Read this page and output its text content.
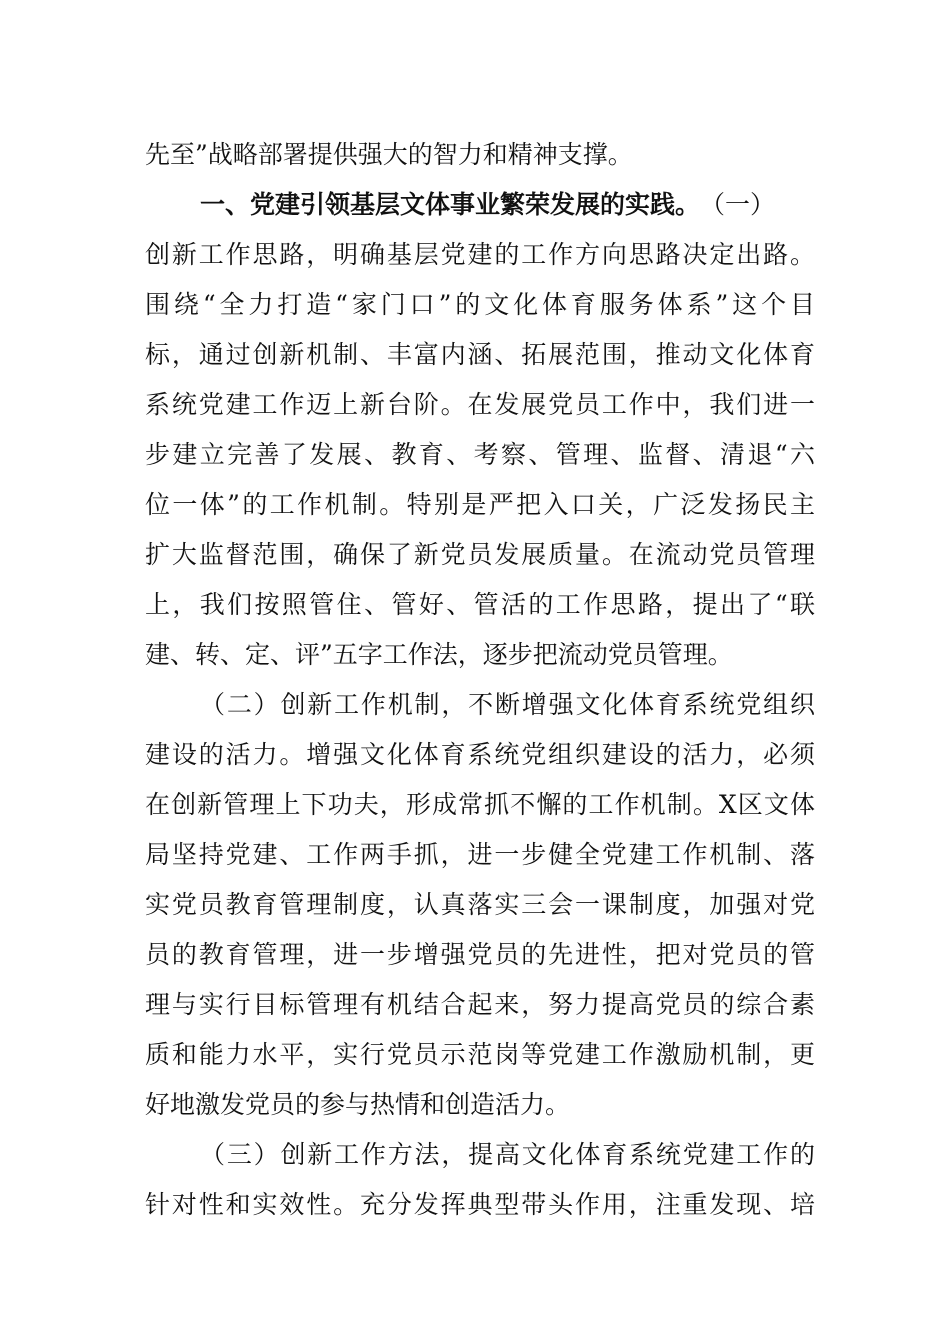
先至”战略部署提供强大的智力和精神支撑。
一、党建引领基层文体事业繁荣发展的实践。 （一）
创新工作思路，明确基层党建的工作方向思路决定出路。
围绕“全力打造“家门口”的文化体育服务体系”这个目
标，通过创新机制、丰富内涵、拓展范围，推动文化体育
系统党建工作迈上新台阶。在发展党员工作中，我们进一
步建立完善了发展、教育、考察、管理、监督、清退“六
位一体”的工作机制。特别是严把入口关，广泛发扬民主
扩大监督范围，确保了新党员发展质量。在流动党员管理
上，我们按照管住、管好、管活的工作思路，提出了“联
建、转、定、评”五字工作法，逐步把流动党员管理。
（二）创新工作机制，不断增强文化体育系统党组织
建设的活力。增强文化体育系统党组织建设的活力，必须
在创新管理上下功夫，形成常抓不懈的工作机制。X区文体
局坚持党建、工作两手抓，进一步健全党建工作机制、落
实党员教育管理制度，认真落实三会一课制度，加强对党
员的教育管理，进一步增强党员的先进性，把对党员的管
理与实行目标管理有机结合起来，努力提高党员的综合素
质和能力水平，实行党员示范岗等党建工作激励机制，更
好地激发党员的参与热情和创造活力。
（三）创新工作方法，提高文化体育系统党建工作的
针对性和实效性。充分发挥典型带头作用，注重发现、培
